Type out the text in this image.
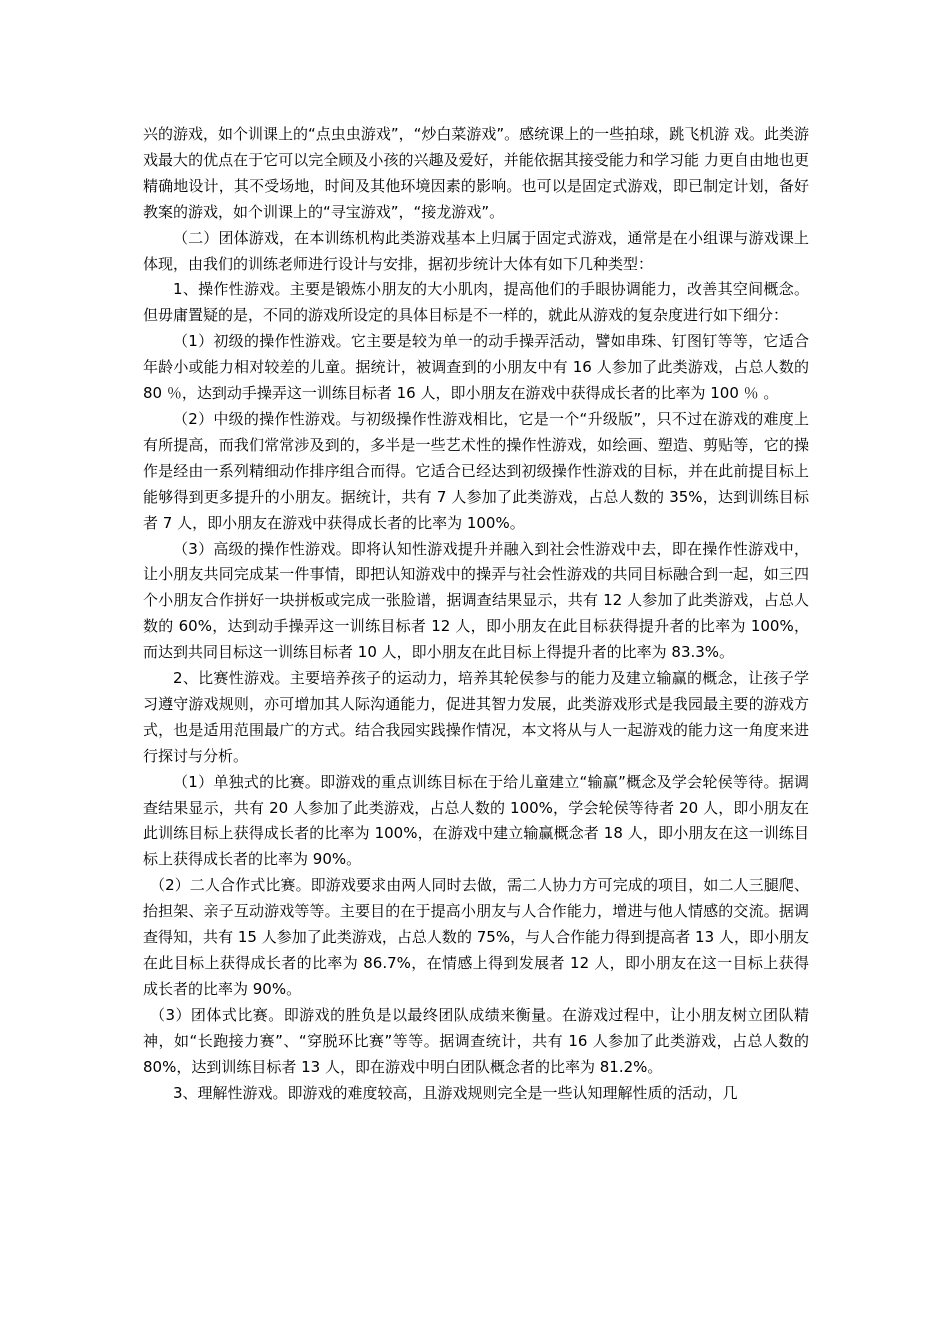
兴的游戏，如个训课上的“点虫虫游戏”，“炒白菜游戏”。感统课上的一些拍球，跳飞机游 戏。此类游戏最大的优点在于它可以完全顾及小孩的兴趣及爱好，并能依据其接受能力和学习能 力更自由地也更精确地设计，其不受场地，时间及其他环境因素的影响。也可以是固定式游戏，即已制定计划，备好教案的游戏，如个训课上的“寻宝游戏”，“接龙游戏”。

（二）团体游戏，在本训练机构此类游戏基本上归属于固定式游戏，通常是在小组课与游戏课上体现，由我们的训练老师进行设计与安排，据初步统计大体有如下几种类型：

1、操作性游戏。主要是锻炼小朋友的大小肌肉，提高他们的手眼协调能力，改善其空间概念。但毋庸置疑的是，不同的游戏所设定的具体目标是不一样的，就此从游戏的复杂度进行如下细分：

（1）初级的操作性游戏。它主要是较为单一的动手操弄活动，譬如串珠、钉图钉等等，它适合年龄小或能力相对较差的儿童。据统计，被调查到的小朋友中有 16 人参加了此类游戏，占总人数的 80 ％，达到动手操弄这一训练目标者 16 人，即小朋友在游戏中获得成长者的比率为 100 ％ 。

（2）中级的操作性游戏。与初级操作性游戏相比，它是一个“升级版”，只不过在游戏的难度上有所提高，而我们常常涉及到的，多半是一些艺术性的操作性游戏，如绘画、塑造、剪贴等，它的操作是经由一系列精细动作排序组合而得。它适合已经达到初级操作性游戏的目标，并在此前提目标上能够得到更多提升的小朋友。据统计，共有 7 人参加了此类游戏，占总人数的 35%，达到训练目标者 7 人，即小朋友在游戏中获得成长者的比率为 100%。

（3）高级的操作性游戏。即将认知性游戏提升并融入到社会性游戏中去，即在操作性游戏中，让小朋友共同完成某一件事情，即把认知游戏中的操弄与社会性游戏的共同目标融合到一起，如三四个小朋友合作拼好一块拼板或完成一张脸谱，据调查结果显示，共有 12 人参加了此类游戏，占总人数的 60%，达到动手操弄这一训练目标者 12 人，即小朋友在此目标获得提升者的比率为 100%，而达到共同目标这一训练目标者 10 人，即小朋友在此目标上得提升者的比率为 83.3%。

2、比赛性游戏。主要培养孩子的运动力，培养其轮侯参与的能力及建立输赢的概念，让孩子学习遵守游戏规则，亦可增加其人际沟通能力，促进其智力发展，此类游戏形式是我园最主要的游戏方式，也是适用范围最广的方式。结合我园实践操作情况，本文将从与人一起游戏的能力这一角度来进行探讨与分析。

（1）单独式的比赛。即游戏的重点训练目标在于给儿童建立“输赢”概念及学会轮侯等待。据调查结果显示，共有 20 人参加了此类游戏，占总人数的 100%，学会轮侯等待者 20 人，即小朋友在此训练目标上获得成长者的比率为 100%，在游戏中建立输赢概念者 18 人，即小朋友在这一训练目标上获得成长者的比率为 90%。

（2）二人合作式比赛。即游戏要求由两人同时去做，需二人协力方可完成的项目，如二人三腿爬、抬担架、亲子互动游戏等等。主要目的在于提高小朋友与人合作能力，增进与他人情感的交流。据调查得知，共有 15 人参加了此类游戏，占总人数的 75%，与人合作能力得到提高者 13 人，即小朋友在此目标上获得成长者的比率为 86.7%，在情感上得到发展者 12 人，即小朋友在这一目标上获得成长者的比率为 90%。

（3）团体式比赛。即游戏的胜负是以最终团队成绩来衡量。在游戏过程中，让小朋友树立团队精神，如“长跑接力赛”、“穿脱环比赛”等等。据调查统计，共有 16 人参加了此类游戏，占总人数的 80%，达到训练目标者 13 人，即在游戏中明白团队概念者的比率为 81.2%。

3、理解性游戏。即游戏的难度较高，且游戏规则完全是一些认知理解性质的活动，几
